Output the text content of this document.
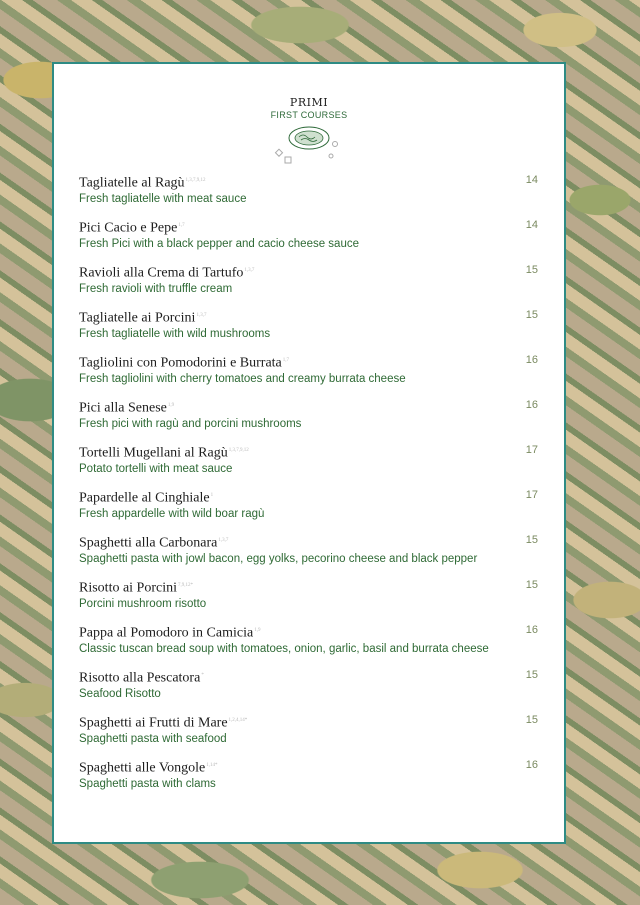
PRIMI
FIRST COURSES
Tagliatelle al Ragù$^{1,3,7,9,12}$
Fresh tagliatelle with meat sauce
14
Pici Cacio e Pepe$^{1,7}$
Fresh Pici with a black pepper and cacio cheese sauce
14
Ravioli alla Crema di Tartufo$^{1,3,7}$
Fresh ravioli with truffle cream
15
Tagliatelle ai Porcini$^{1,3,7}$
Fresh tagliatelle with wild mushrooms
15
Tagliolini con Pomodorini e Burrata$^{1,7}$
Fresh tagliolini with cherry tomatoes and creamy burrata cheese
16
Pici alla Senese$^{1,9}$
Fresh pici with ragù and porcini mushrooms
16
Tortelli Mugellani al Ragù$^{1,3,7,9,12}$
Potato tortelli with meat sauce
17
Papardelle al Cinghiale$^1$
Fresh appardelle with wild boar ragù
17
Spaghetti alla Carbonara$^{1,3,7}$
Spaghetti pasta with jowl bacon, egg yolks, pecorino cheese and black pepper
15
Risotto ai Porcini$^{7,9,12*}$
Porcini mushroom risotto
15
Pappa al Pomodoro in Camicia$^{1,9}$
Classic tuscan bread soup with tomatoes, onion, garlic, basil and burrata cheese
16
Risotto alla Pescatora*
Seafood Risotto
15
Spaghetti ai Frutti di Mare$^{1,2,4,14*}$
Spaghetti pasta with seafood
15
Spaghetti alle Vongole$^{1,14*}$
Spaghetti pasta with clams
16
